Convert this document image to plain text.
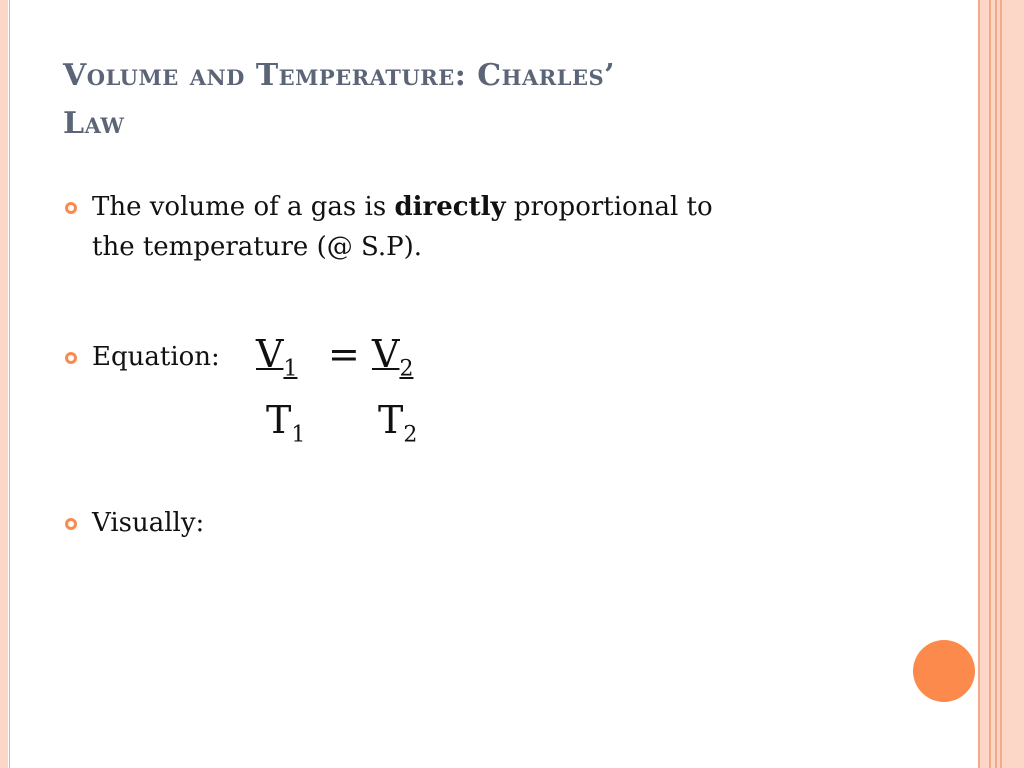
Volume and Temperature: Charles’
Law
The volume of a gas is directly proportional to
the temperature (@ S.P).
Equation: $V_1 = V_2$
$T_1$ $T_2$
Visually:
